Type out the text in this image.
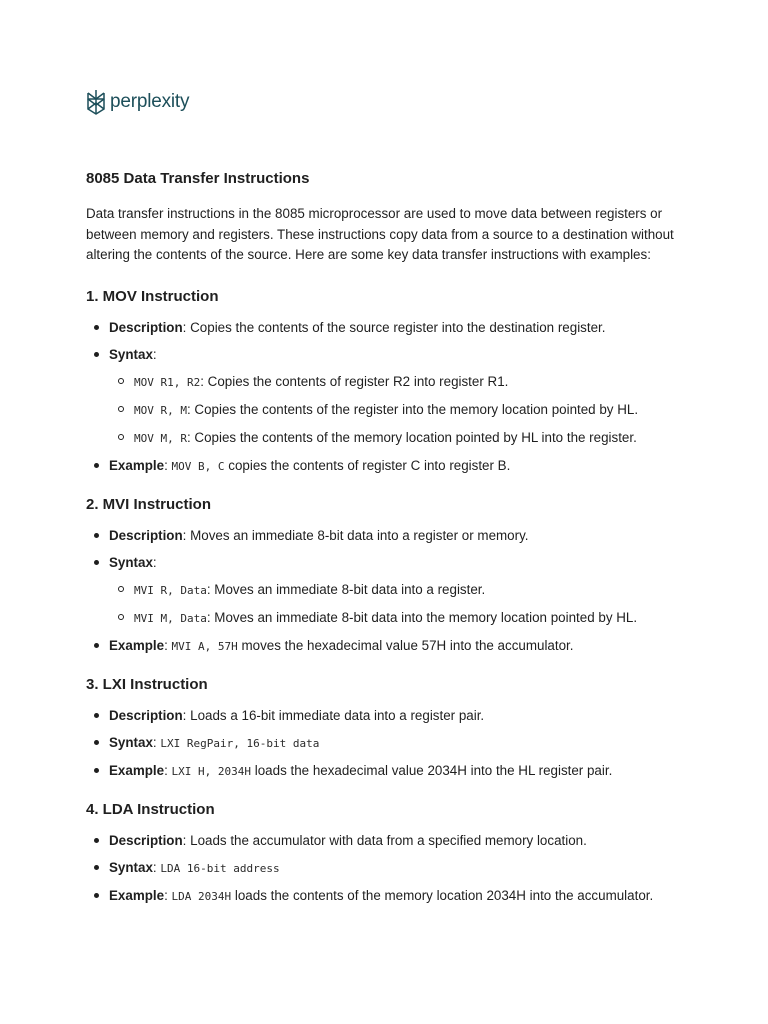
perplexity
8085 Data Transfer Instructions

Data transfer instructions in the 8085 microprocessor are used to move data between registers or between memory and registers. These instructions copy data from a source to a destination without altering the contents of the source. Here are some key data transfer instructions with examples:

1. MOV Instruction
Description: Copies the contents of the source register into the destination register.
Syntax:
MOV R1, R2: Copies the contents of register R2 into register R1.
MOV R, M: Copies the contents of the register into the memory location pointed by HL.
MOV M, R: Copies the contents of the memory location pointed by HL into the register.
Example: MOV B, C copies the contents of register C into register B.
2. MVI Instruction
Description: Moves an immediate 8-bit data into a register or memory.
Syntax:
MVI R, Data: Moves an immediate 8-bit data into a register.
MVI M, Data: Moves an immediate 8-bit data into the memory location pointed by HL.
Example: MVI A, 57H moves the hexadecimal value 57H into the accumulator.
3. LXI Instruction
Description: Loads a 16-bit immediate data into a register pair.
Syntax: LXI RegPair, 16-bit data
Example: LXI H, 2034H loads the hexadecimal value 2034H into the HL register pair.
4. LDA Instruction
Description: Loads the accumulator with data from a specified memory location.
Syntax: LDA 16-bit address
Example: LDA 2034H loads the contents of the memory location 2034H into the accumulator.
